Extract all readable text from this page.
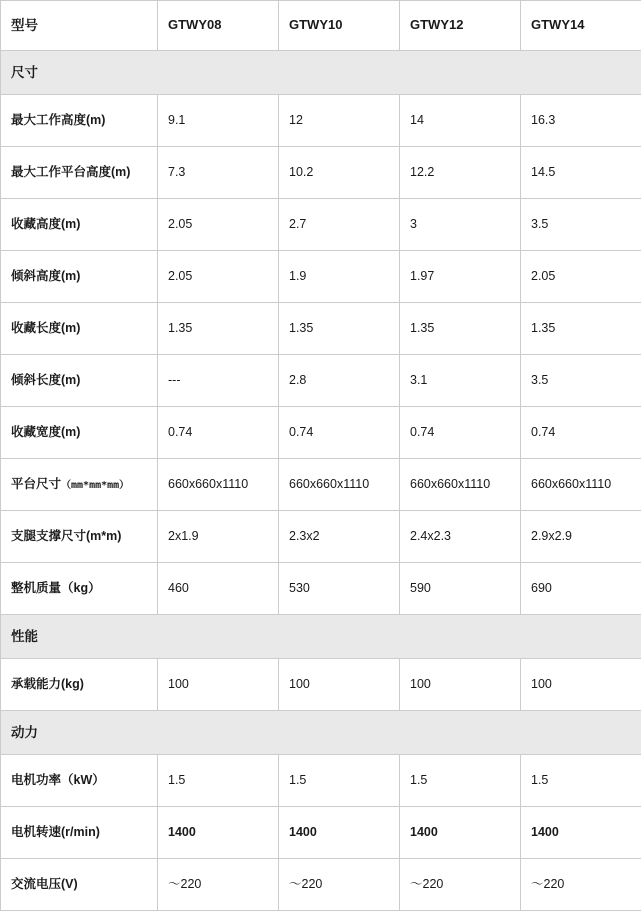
型号	GTWY08	GTWY10	GTWY12	GTWY14
尺寸				
最大工作高度(m)	9.1	12	14	16.3
最大工作平台高度(m)	7.3	10.2	12.2	14.5
收藏高度(m)	2.05	2.7	3	3.5
倾斜高度(m)	2.05	1.9	1.97	2.05
收藏长度(m)	1.35	1.35	1.35	1.35
倾斜长度(m)	---	2.8	3.1	3.5
收藏宽度(m)	0.74	0.74	0.74	0.74
平台尺寸（mm*mm*mm）	660x660x1110	660x660x1110	660x660x1110	660x660x1110
支腿支撑尺寸(m*m)	2x1.9	2.3x2	2.4x2.3	2.9x2.9
整机质量（kg）	460	530	590	690
性能				
承载能力(kg)	100	100	100	100
动力				
电机功率（kW）	1.5	1.5	1.5	1.5
电机转速(r/min)	1400	1400	1400	1400
交流电压(V)	～220	～220	～220	～220
